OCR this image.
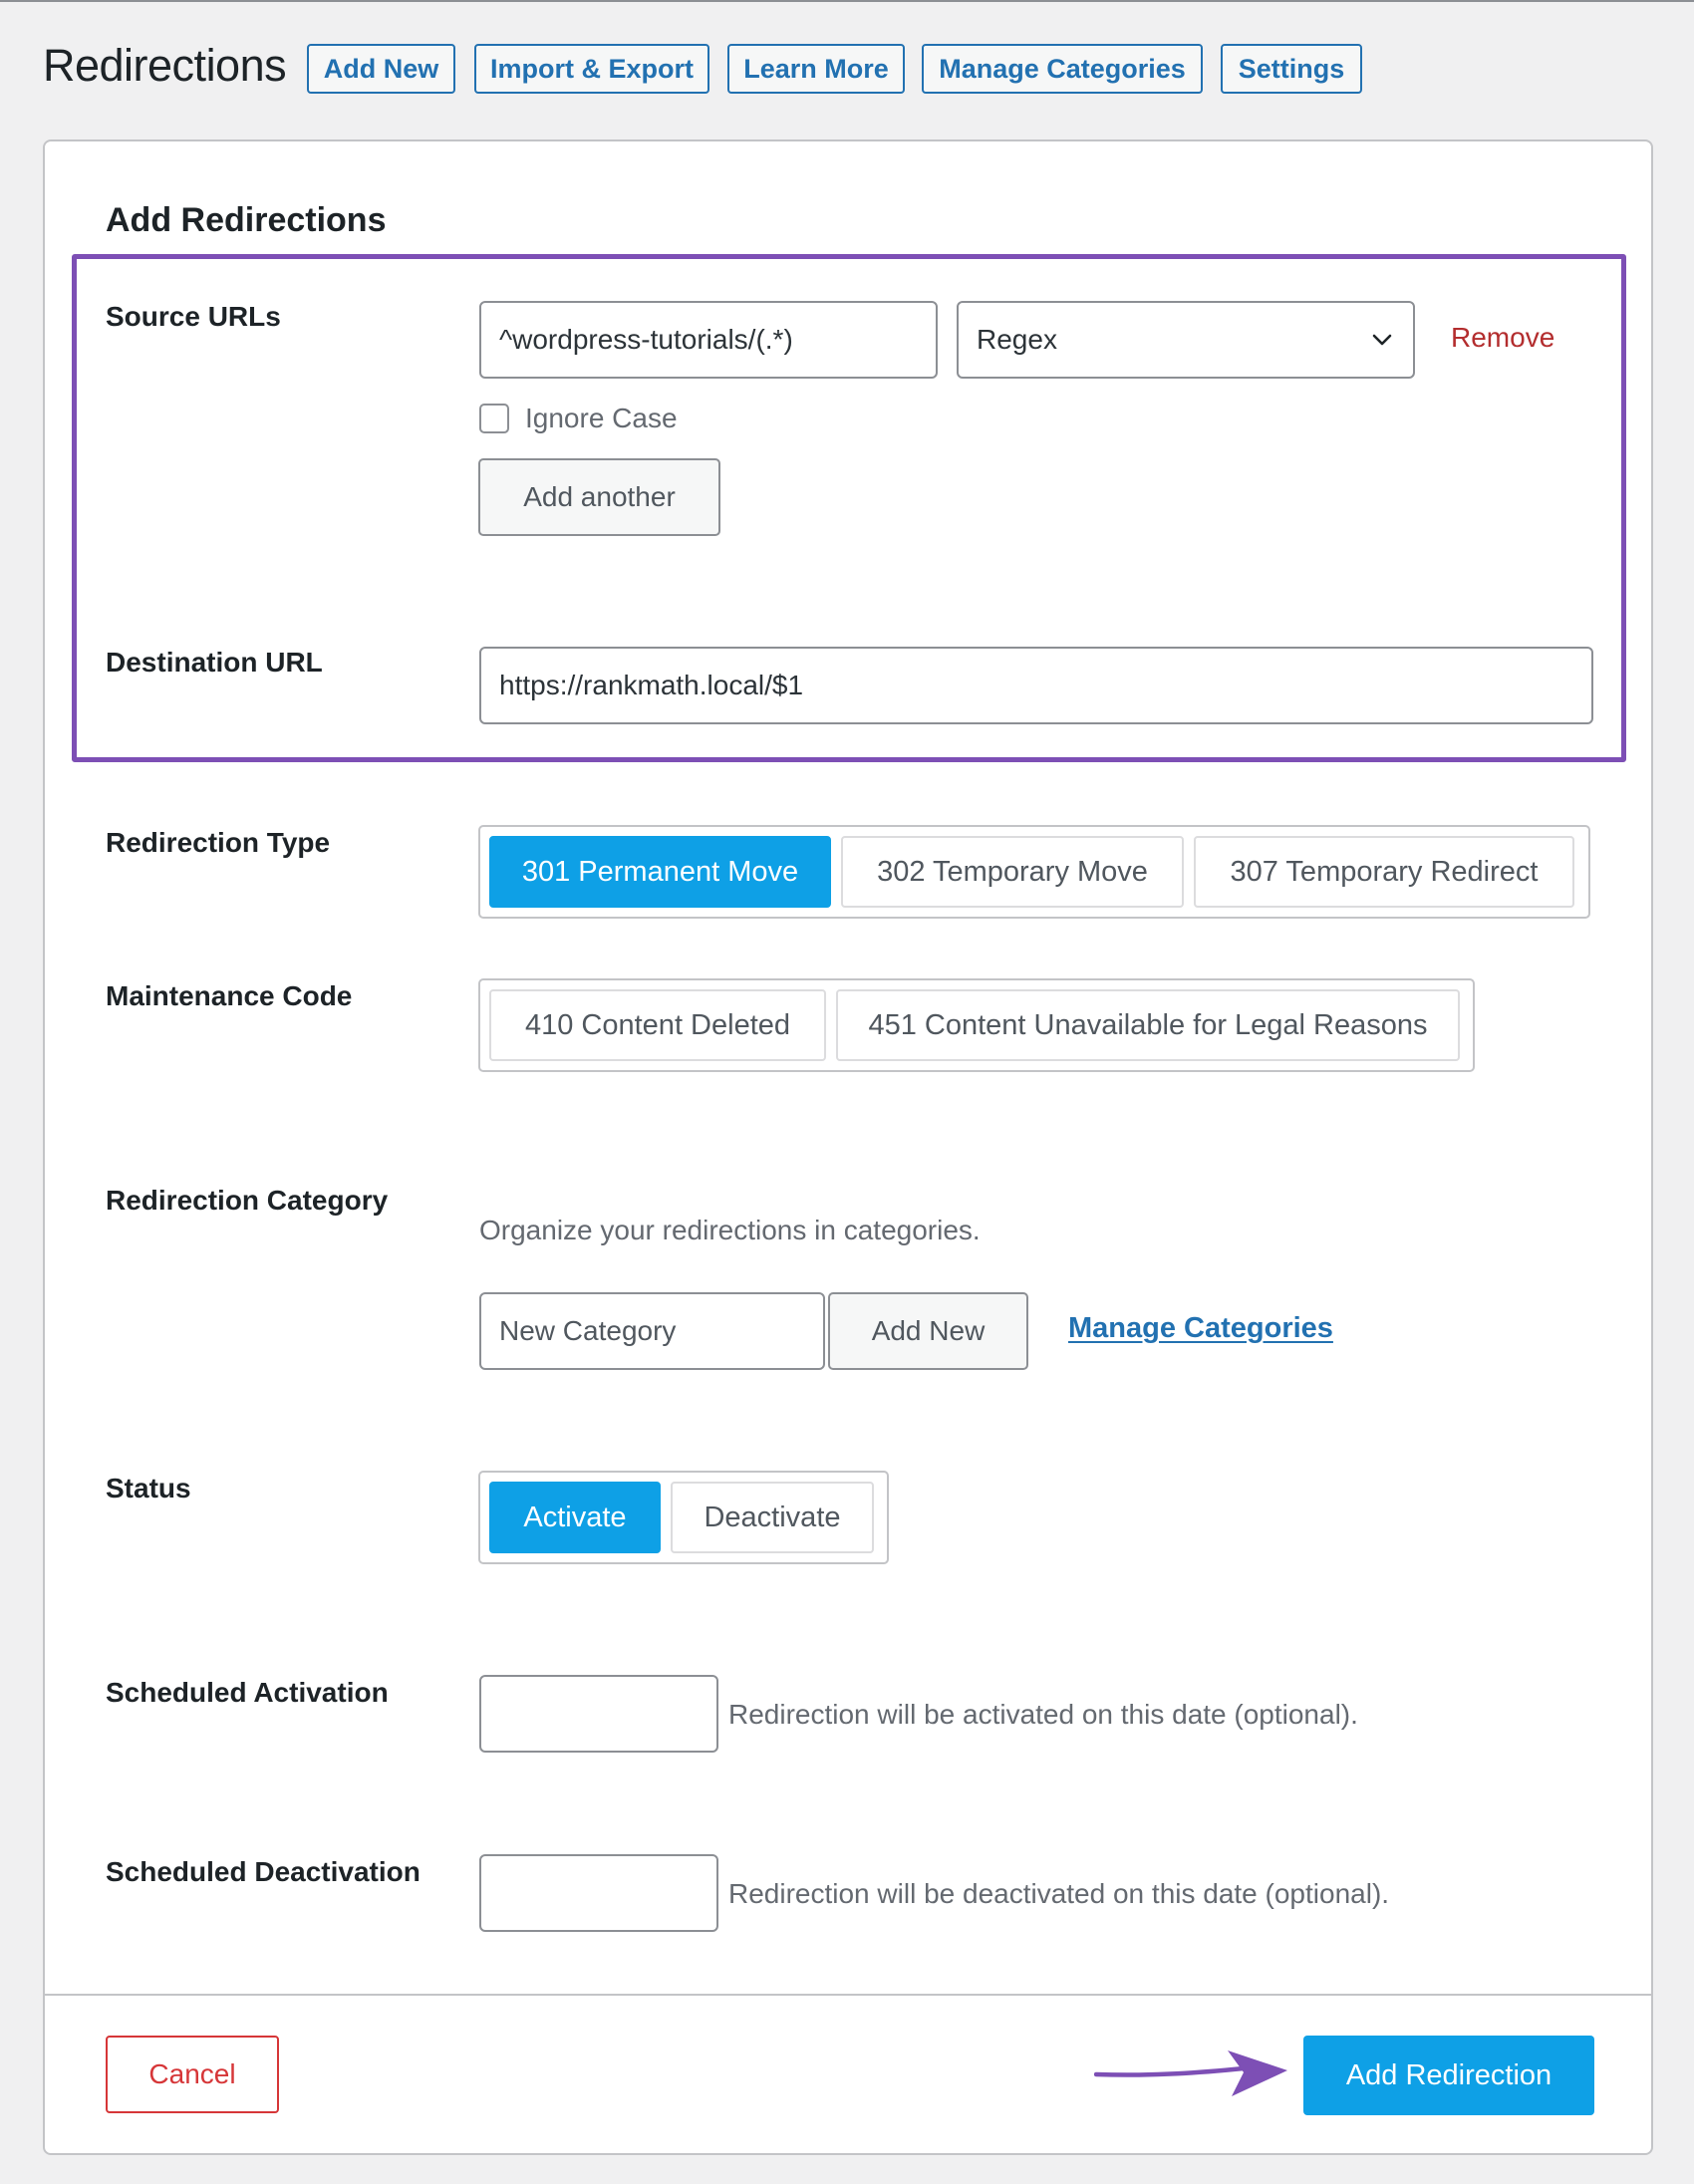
Redirections	Add New	Import & Export	Learn More	Manage Categories	Settings
Add Redirections
Source URLs
^wordpress-tutorials/(.*)	Regex	Remove
Ignore Case
Add another
Destination URL
https://rankmath.local/$1
Redirection Type
301 Permanent Move	302 Temporary Move	307 Temporary Redirect
Maintenance Code
410 Content Deleted	451 Content Unavailable for Legal Reasons
Redirection Category
Organize your redirections in categories.
New Category	Add New	Manage Categories
Status
Activate	Deactivate
Scheduled Activation
Redirection will be activated on this date (optional).
Scheduled Deactivation
Redirection will be deactivated on this date (optional).
Cancel	Add Redirection
